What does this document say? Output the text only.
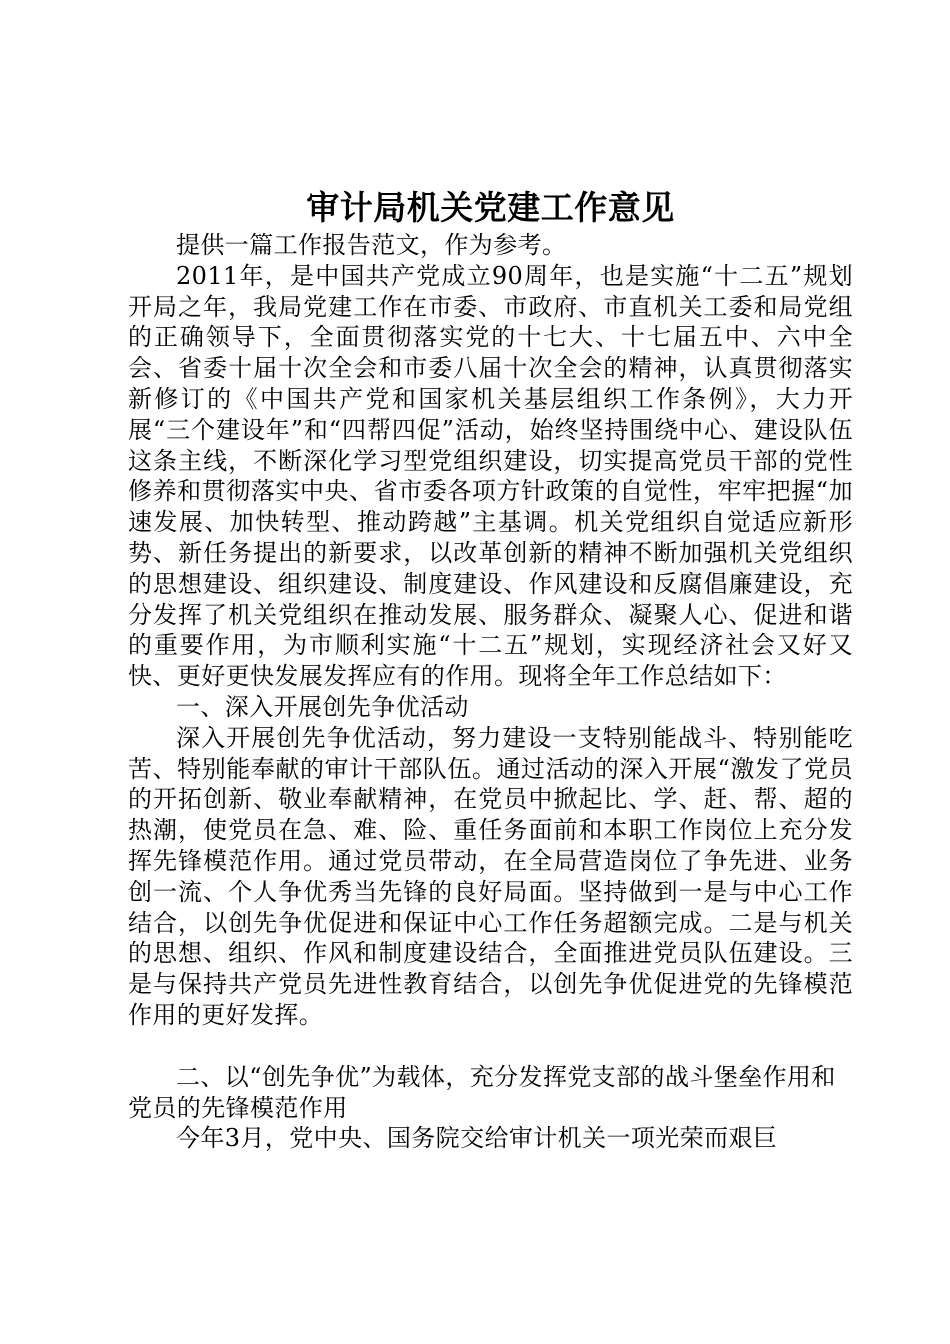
审计局机关党建工作意见

提供一篇工作报告范文，作为参考。

2011年，是中国共产党成立90周年，也是实施“十二五”规划开局之年，我局党建工作在市委、市政府、市直机关工委和局党组的正确领导下，全面贯彻落实党的十七大、十七届五中、六中全会、省委十届十次全会和市委八届十次全会的精神，认真贯彻落实新修订的《中国共产党和国家机关基层组织工作条例》，大力开展“三个建设年”和“四帮四促”活动，始终坚持围绕中心、建设队伍这条主线，不断深化学习型党组织建设，切实提高党员干部的党性修养和贯彻落实中央、省市委各项方针政策的自觉性，牢牢把握“加速发展、加快转型、推动跨越”主基调。机关党组织自觉适应新形势、新任务提出的新要求，以改革创新的精神不断加强机关党组织的思想建设、组织建设、制度建设、作风建设和反腐倡廉建设，充分发挥了机关党组织在推动发展、服务群众、凝聚人心、促进和谐的重要作用，为市顺利实施“十二五”规划，实现经济社会又好又快、更好更快发展发挥应有的作用。现将全年工作总结如下：

一、深入开展创先争优活动

深入开展创先争优活动，努力建设一支特别能战斗、特别能吃苦、特别能奉献的审计干部队伍。通过活动的深入开展“激发了党员的开拓创新、敬业奉献精神，在党员中掀起比、学、赶、帮、超的热潮，使党员在急、难、险、重任务面前和本职工作岗位上充分发挥先锋模范作用。通过党员带动，在全局营造岗位了争先进、业务创一流、个人争优秀当先锋的良好局面。坚持做到一是与中心工作结合，以创先争优促进和保证中心工作任务超额完成。二是与机关的思想、组织、作风和制度建设结合，全面推进党员队伍建设。三是与保持共产党员先进性教育结合，以创先争优促进党的先锋模范作用的更好发挥。

二、以“创先争优”为载体，充分发挥党支部的战斗堡垒作用和党员的先锋模范作用

今年3月，党中央、国务院交给审计机关一项光荣而艰巨
